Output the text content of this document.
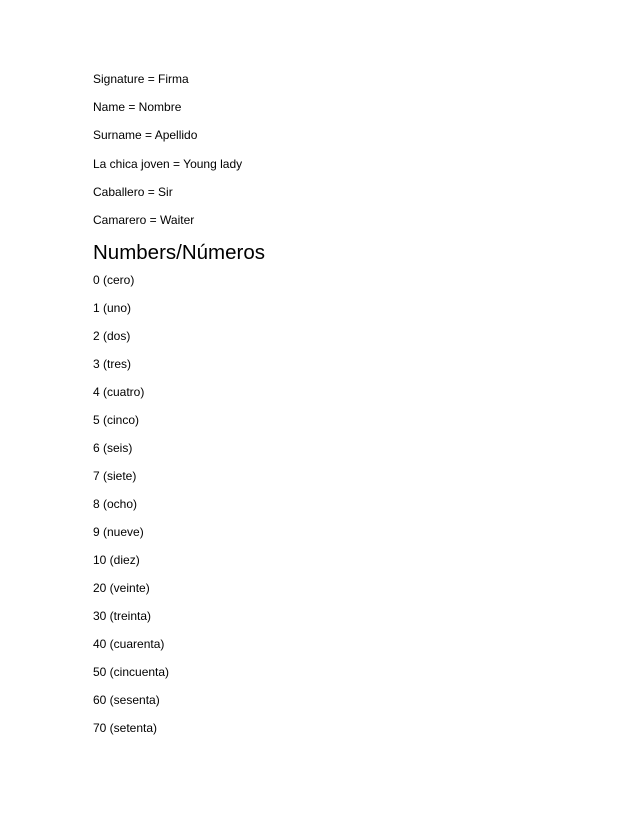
Signature = Firma
Name = Nombre
Surname = Apellido
La chica joven = Young lady
Caballero = Sir
Camarero = Waiter
Numbers/Números
0 (cero)
1 (uno)
2 (dos)
3 (tres)
4 (cuatro)
5 (cinco)
6 (seis)
7 (siete)
8 (ocho)
9 (nueve)
10 (diez)
20 (veinte)
30 (treinta)
40 (cuarenta)
50 (cincuenta)
60 (sesenta)
70 (setenta)
